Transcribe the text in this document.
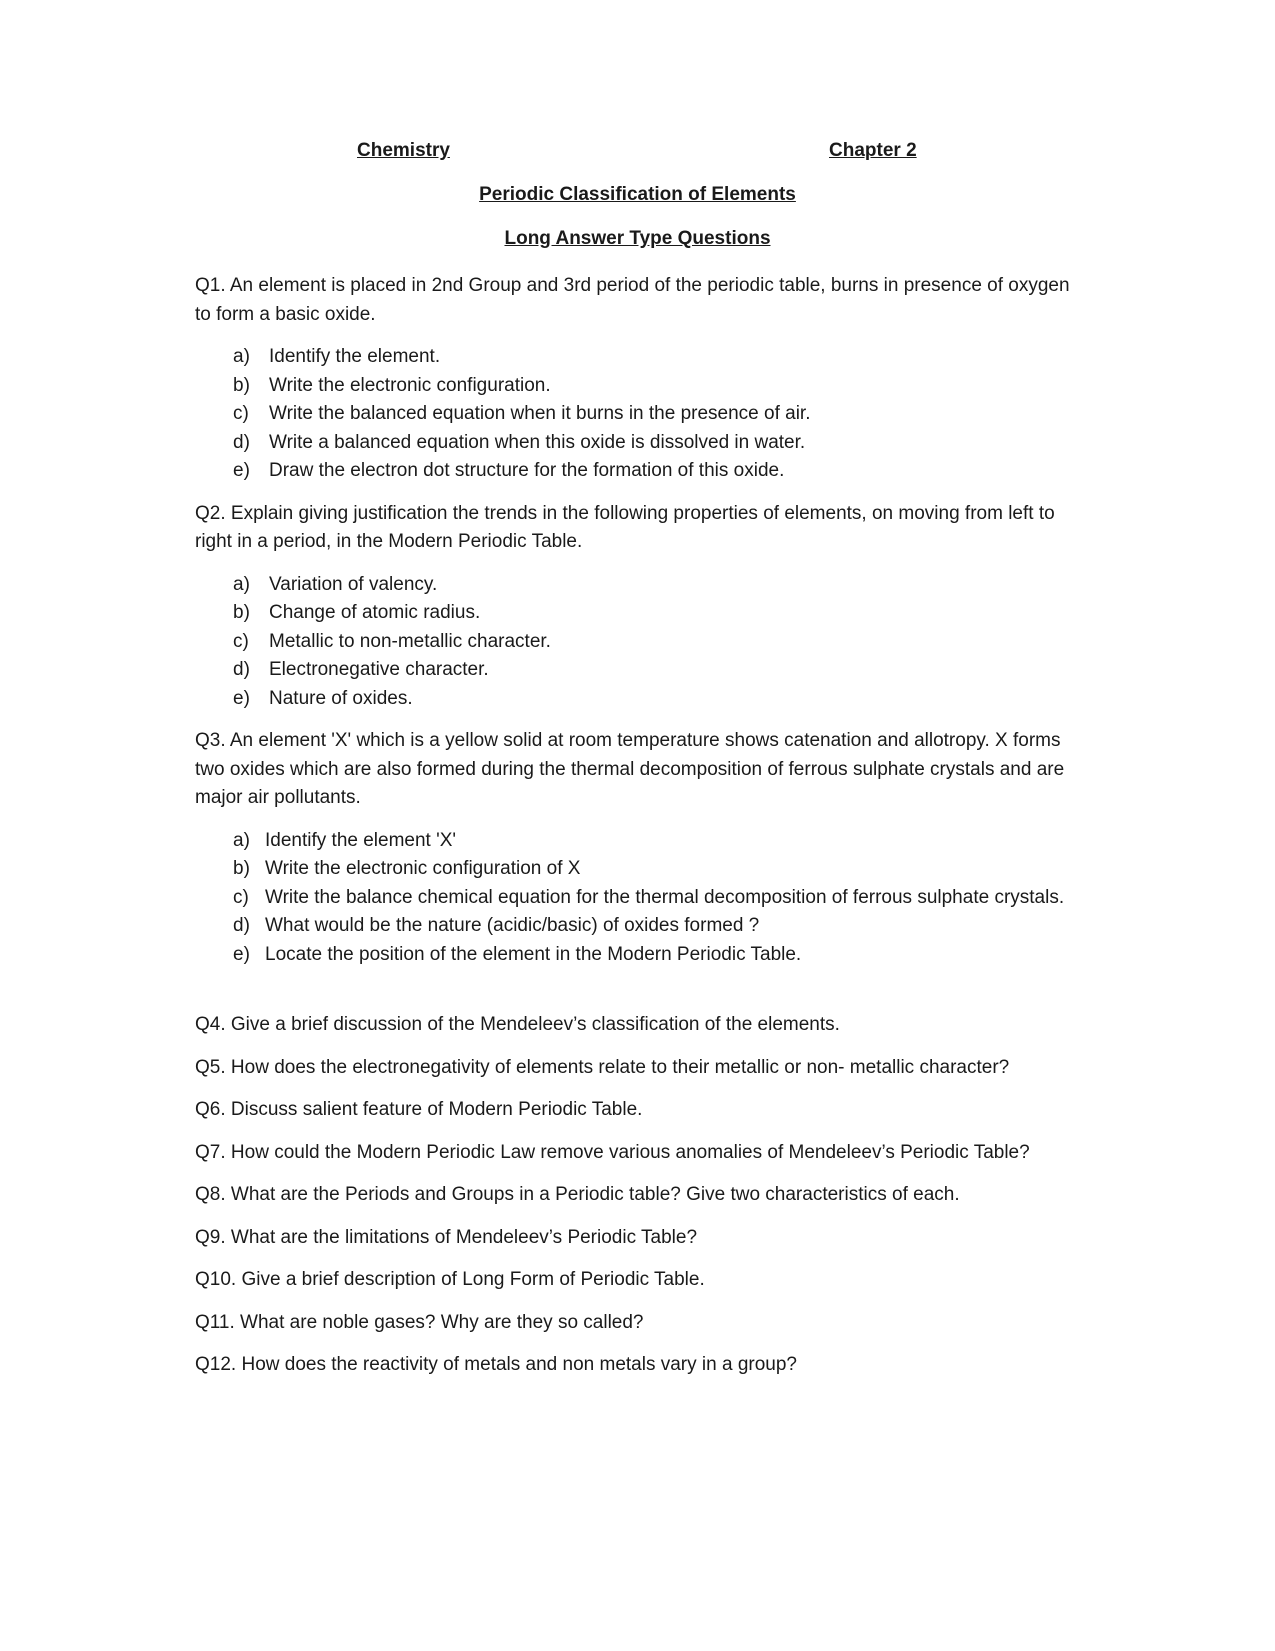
Chemistry	Chapter 2
Periodic Classification of Elements
Long Answer Type Questions
Q1. An element is placed in 2nd Group and 3rd period of the periodic table, burns in presence of oxygen to form a basic oxide.
a) Identify the element.
b) Write the electronic configuration.
c) Write the balanced equation when it burns in the presence of air.
d) Write a balanced equation when this oxide is dissolved in water.
e) Draw the electron dot structure for the formation of this oxide.
Q2. Explain giving justification the trends in the following properties of elements, on moving from left to right in a period, in the Modern Periodic Table.
a) Variation of valency.
b) Change of atomic radius.
c) Metallic to non-metallic character.
d) Electronegative character.
e) Nature of oxides.
Q3. An element 'X' which is a yellow solid at room temperature shows catenation and allotropy. X forms two oxides which are also formed during the thermal decomposition of ferrous sulphate crystals and are major air pollutants.
a) Identify the element 'X'
b) Write the electronic configuration of X
c) Write the balance chemical equation for the thermal decomposition of ferrous sulphate crystals.
d) What would be the nature (acidic/basic) of oxides formed ?
e) Locate the position of the element in the Modern Periodic Table.
Q4. Give a brief discussion of the Mendeleev’s classification of the elements.
Q5. How does the electronegativity of elements relate to their metallic or non- metallic character?
Q6. Discuss salient feature of Modern Periodic Table.
Q7. How could the Modern Periodic Law remove various anomalies of Mendeleev’s Periodic Table?
Q8. What are the Periods and Groups in a Periodic table? Give two characteristics of each.
Q9. What are the limitations of Mendeleev’s Periodic Table?
Q10. Give a brief description of Long Form of Periodic Table.
Q11. What are noble gases? Why are they so called?
Q12. How does the reactivity of metals and non metals vary in a group?
